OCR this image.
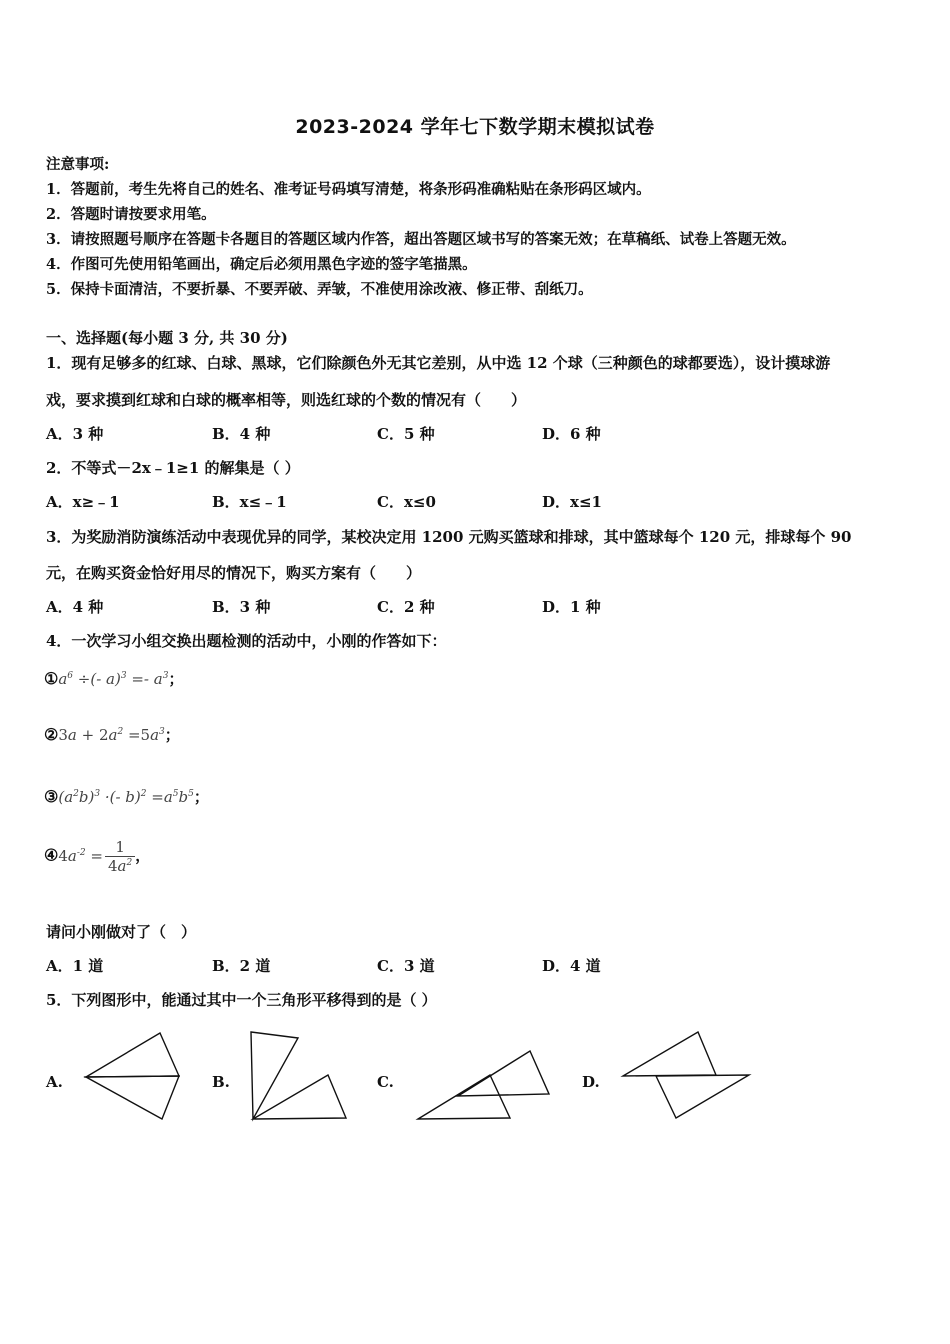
2023-2024 学年七下数学期末模拟试卷
注意事项:
1．答题前，考生先将自己的姓名、准考证号码填写清楚，将条形码准确粘贴在条形码区域内。
2．答题时请按要求用笔。
3．请按照题号顺序在答题卡各题目的答题区域内作答，超出答题区域书写的答案无效；在草稿纸、试卷上答题无效。
4．作图可先使用铅笔画出，确定后必须用黑色字迹的签字笔描黑。
5．保持卡面清洁，不要折暴、不要弄破、弄皱，不准使用涂改液、修正带、刮纸刀。
一、选择题(每小题 3 分, 共 30 分)
1．现有足够多的红球、白球、黑球，它们除颜色外无其它差别，从中选 12 个球（三种颜色的球都要选），设计摸球游
戏，要求摸到红球和白球的概率相等，则选红球的个数的情况有（　　）
A．3 种	B．4 种	C．5 种	D．6 种
2．不等式－2x﹣1≥1 的解集是（ ）
A．x≥﹣1	B．x≤﹣1	C．x≤0	D．x≤1
3．为奖励消防演练活动中表现优异的同学，某校决定用 1200 元购买篮球和排球，其中篮球每个 120 元，排球每个 90
元，在购买资金恰好用尽的情况下，购买方案有（　　）
A．4 种	B．3 种	C．2 种	D．1 种
4．一次学习小组交换出题检测的活动中，小刚的作答如下：
$①a^6$ ÷(- $a)^3 =- a^3$；
②3a + $2a^2 =5a^3$；
$③(a^2b)^3$ ·(- $b)^2 =a^5b^5$；
$④4a^{-2} = \frac{1}{4a^2}$ ，
请问小刚做对了（　）
A．1 道	B．2 道	C．3 道	D．4 道
5．下列图形中，能通过其中一个三角形平移得到的是（ ）
A.	B.	C.	D.
